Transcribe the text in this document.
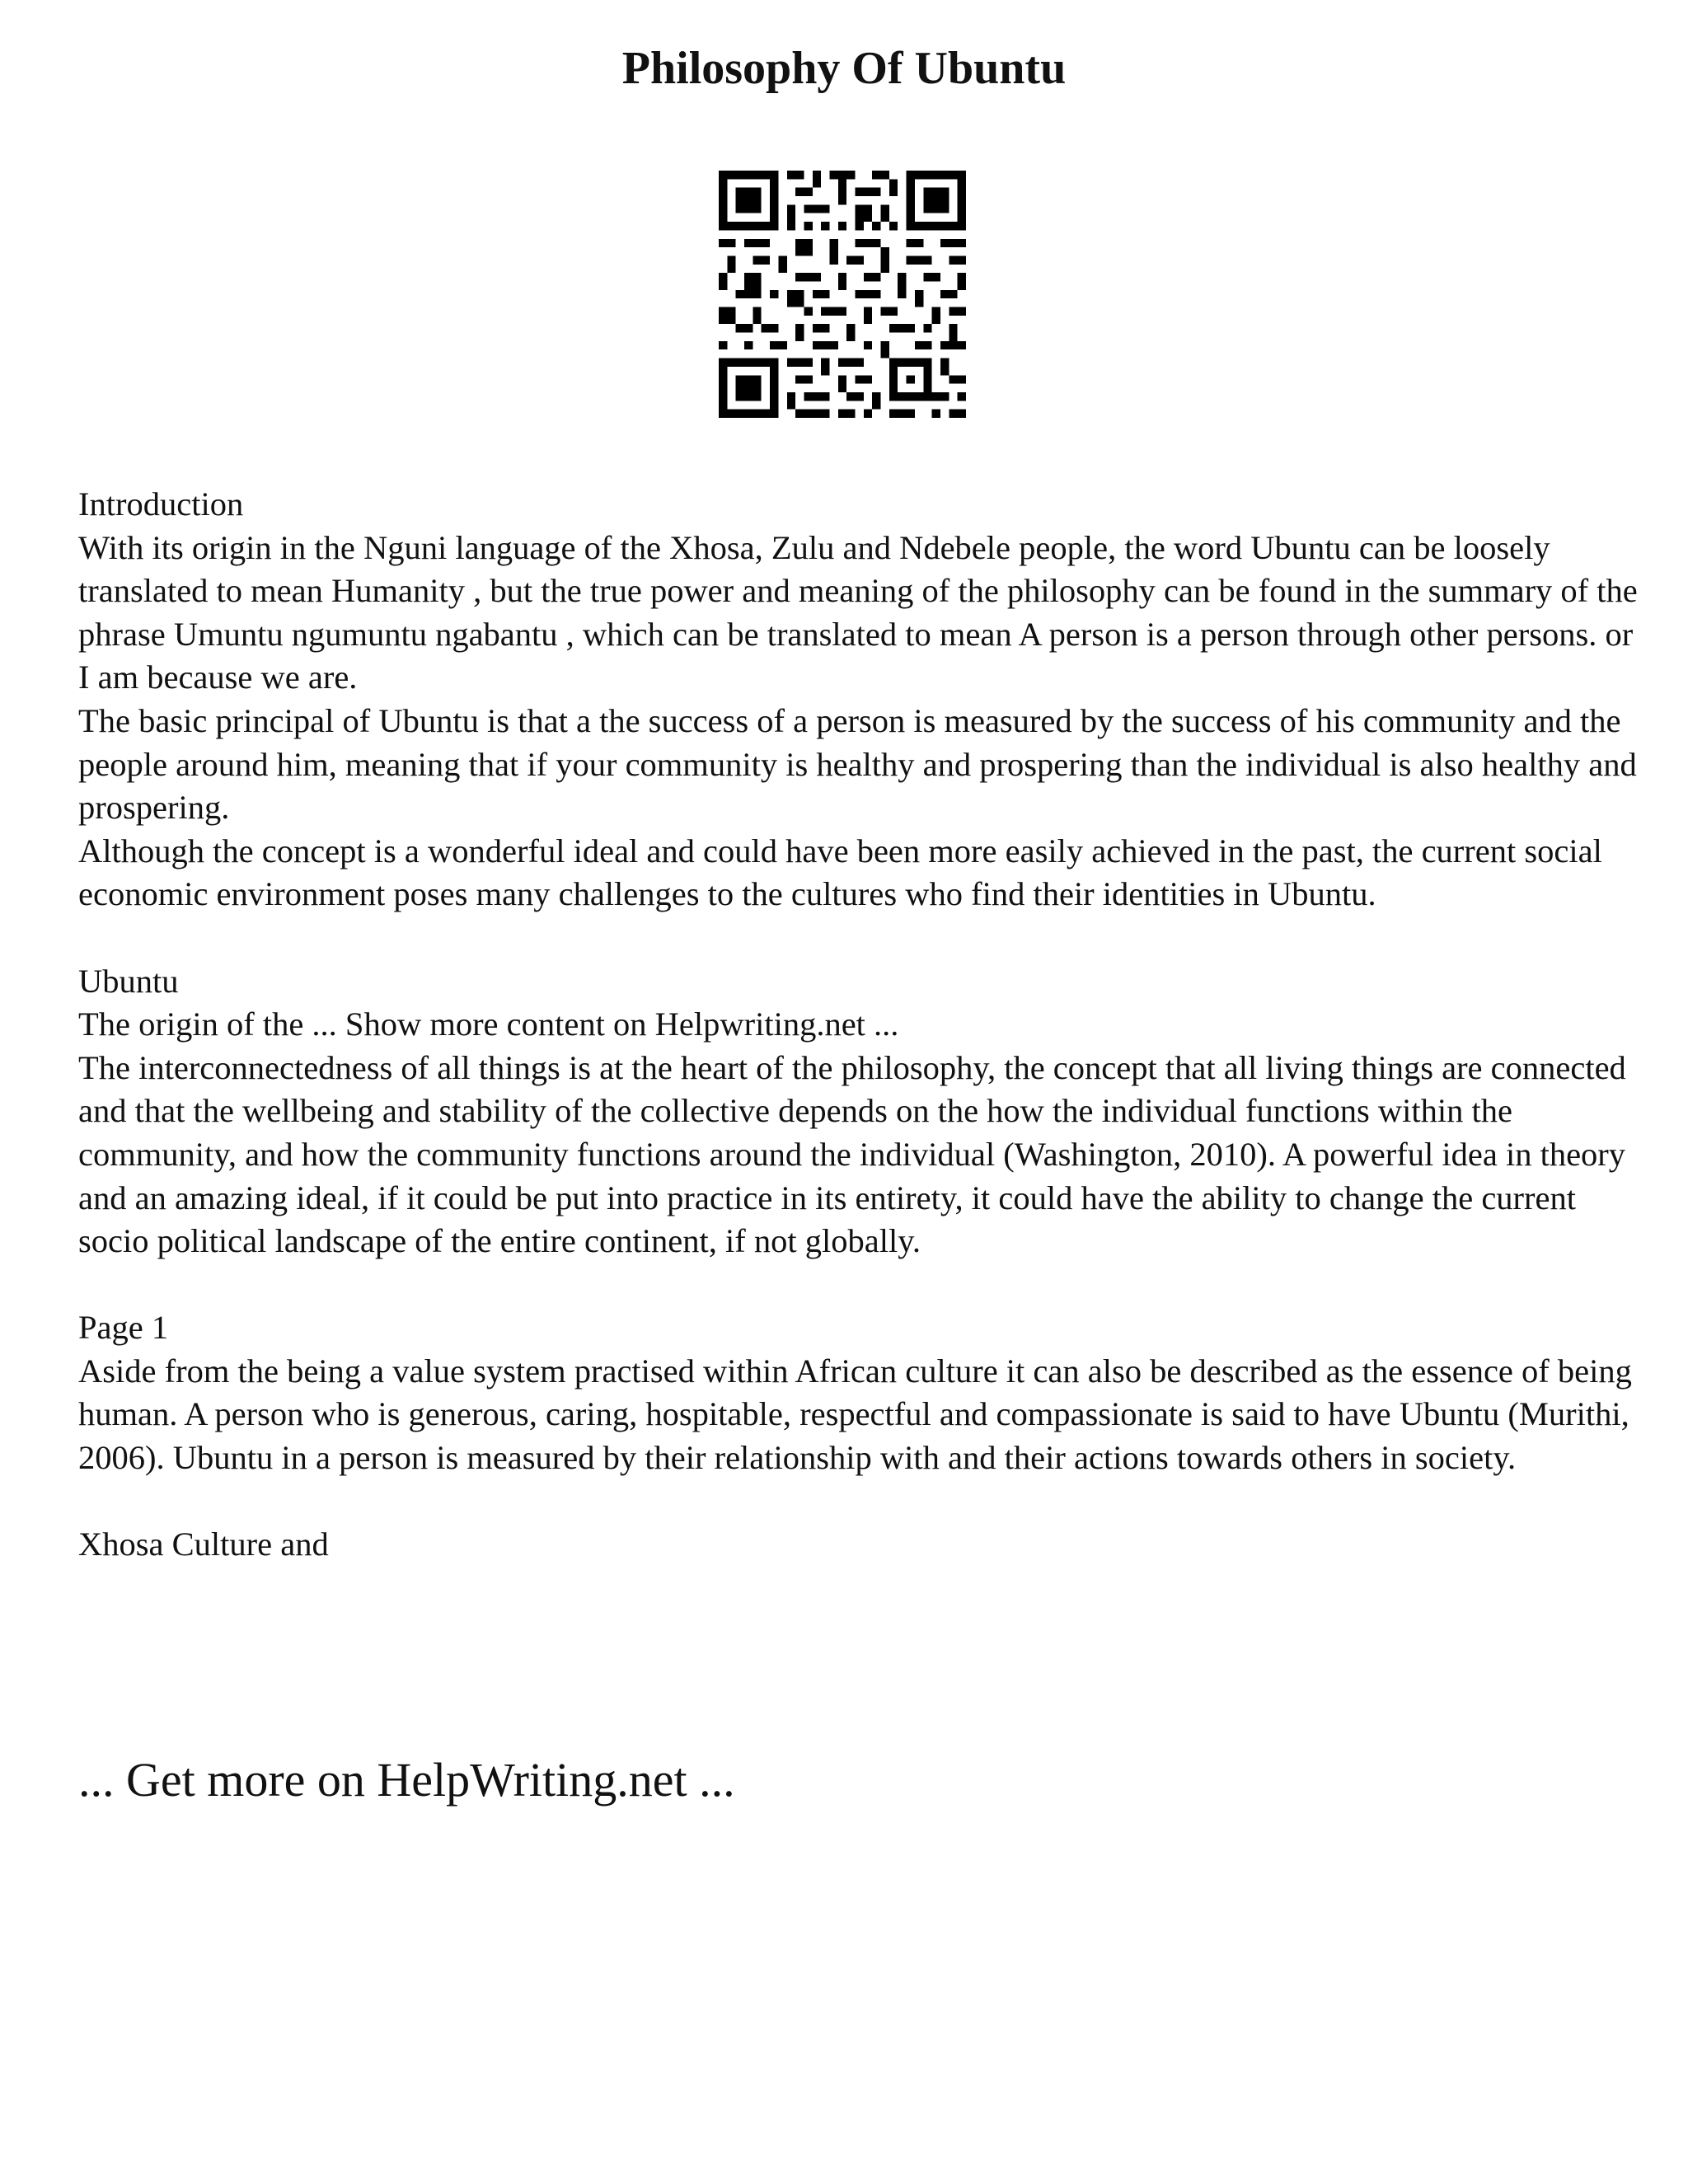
Philosophy Of Ubuntu

Introduction

With its origin in the Nguni language of the Xhosa, Zulu and Ndebele people, the word Ubuntu can be loosely translated to mean Humanity , but the true power and meaning of the philosophy can be found in the summary of the phrase Umuntu ngumuntu ngabantu , which can be translated to mean A person is a person through other persons. or I am because we are.

The basic principal of Ubuntu is that a the success of a person is measured by the success of his community and the people around him, meaning that if your community is healthy and prospering than the individual is also healthy and prospering.

Although the concept is a wonderful ideal and could have been more easily achieved in the past, the current social economic environment poses many challenges to the cultures who find their identities in Ubuntu.

Ubuntu

The origin of the ... Show more content on Helpwriting.net ...

The interconnectedness of all things is at the heart of the philosophy, the concept that all living things are connected and that the wellbeing and stability of the collective depends on the how the individual functions within the community, and how the community functions around the individual (Washington, 2010). A powerful idea in theory and an amazing ideal, if it could be put into practice in its entirety, it could have the ability to change the current socio political landscape of the entire continent, if not globally.

Page 1

Aside from the being a value system practised within African culture it can also be described as the essence of being human. A person who is generous, caring, hospitable, respectful and compassionate is said to have Ubuntu (Murithi, 2006). Ubuntu in a person is measured by their relationship with and their actions towards others in society.

Xhosa Culture and

... Get more on HelpWriting.net ...
